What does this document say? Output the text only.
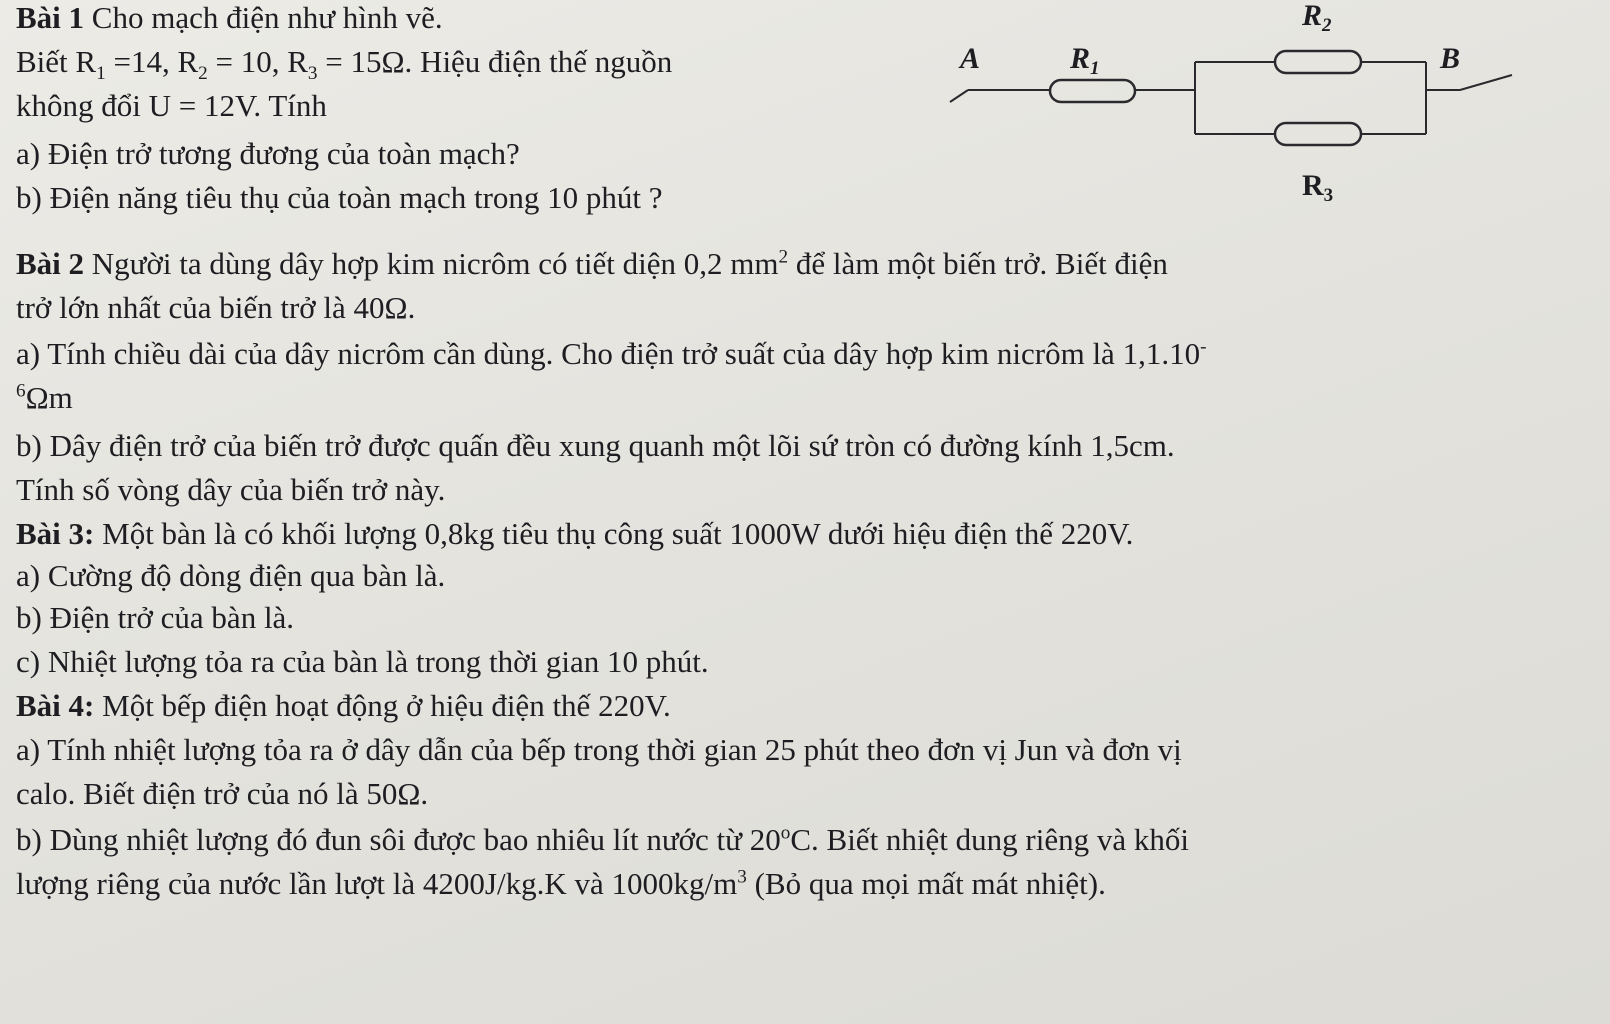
Bài 1 Cho mạch điện như hình vẽ.
Biết $R_1 =14$, $R_2 = 10$, $R_3 = 15\Omega$. Hiệu điện thế nguồn
không đổi U = 12V. Tính
a) Điện trở tương đương của toàn mạch?
b) Điện năng tiêu thụ của toàn mạch trong 10 phút ?
A	B
$R_1$
$R_2$
$R_3$
Bài 2 Người ta dùng dây hợp kim nicrôm có tiết diện 0,2 $mm^2$ để làm một biến trở. Biết điện
trở lớn nhất của biến trở là 40Ω.
a) Tính chiều dài của dây nicrôm cần dùng. Cho điện trở suất của dây hợp kim nicrôm là 1,1.10-
$^6$Ωm
b) Dây điện trở của biến trở được quấn đều xung quanh một lõi sứ tròn có đường kính 1,5cm.
Tính số vòng dây của biến trở này.
Bài 3: Một bàn là có khối lượng 0,8kg tiêu thụ công suất 1000W dưới hiệu điện thế 220V.
a) Cường độ dòng điện qua bàn là.
b) Điện trở của bàn là.
c) Nhiệt lượng tỏa ra của bàn là trong thời gian 10 phút.
Bài 4: Một bếp điện hoạt động ở hiệu điện thế 220V.
a) Tính nhiệt lượng tỏa ra ở dây dẫn của bếp trong thời gian 25 phút theo đơn vị Jun và đơn vị
calo. Biết điện trở của nó là 50Ω.
b) Dùng nhiệt lượng đó đun sôi được bao nhiêu lít nước từ 20$^o$C. Biết nhiệt dung riêng và khối
lượng riêng của nước lần lượt là 4200J/kg.K và $1000kg/m^3$ (Bỏ qua mọi mất mát nhiệt).
